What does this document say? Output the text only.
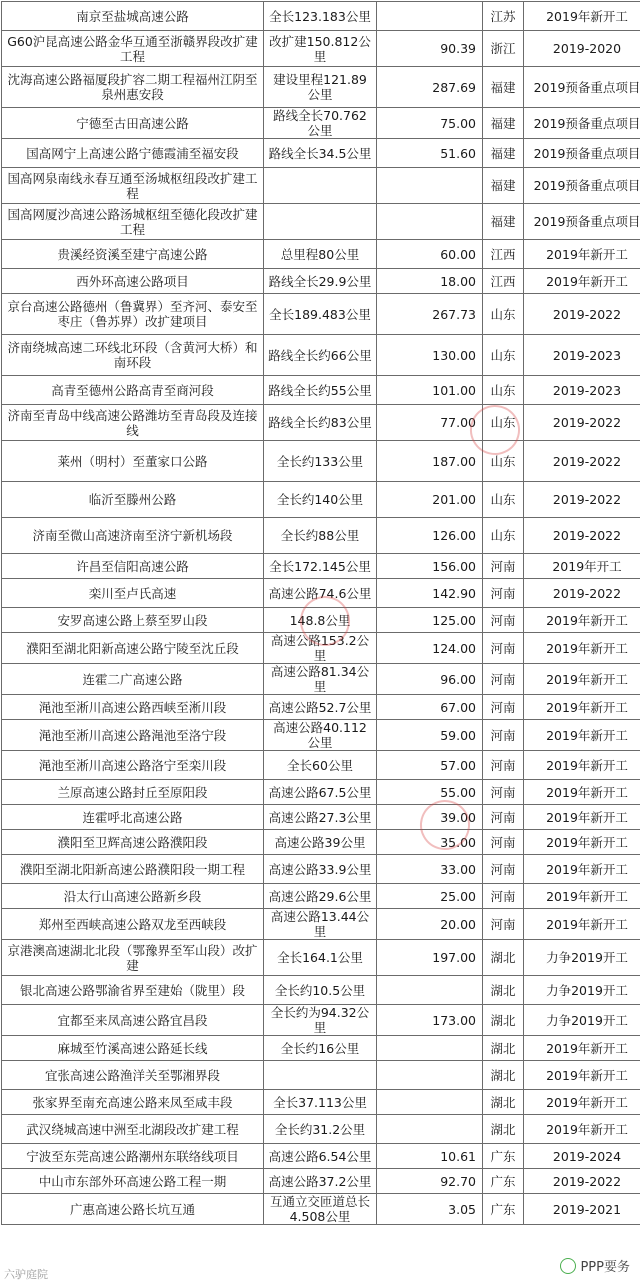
南京至盐城高速公路	全长123.183公里		江苏	2019年新开工
G60沪昆高速公路金华互通至浙赣界段改扩建工程	改扩建150.812公里	90.39	浙江	2019-2020
沈海高速公路福厦段扩容二期工程福州江阴至泉州惠安段	建设里程121.89公里	287.69	福建	2019预备重点项目
宁德至古田高速公路	路线全长70.762公里	75.00	福建	2019预备重点项目
国高网宁上高速公路宁德霞浦至福安段	路线全长34.5公里	51.60	福建	2019预备重点项目
国高网泉南线永春互通至汤城枢纽段改扩建工程			福建	2019预备重点项目
国高网厦沙高速公路汤城枢纽至德化段改扩建工程			福建	2019预备重点项目
贵溪经资溪至建宁高速公路	总里程80公里	60.00	江西	2019年新开工
西外环高速公路项目	路线全长29.9公里	18.00	江西	2019年新开工
京台高速公路德州（鲁冀界）至齐河、泰安至枣庄（鲁苏界）改扩建项目	全长189.483公里	267.73	山东	2019-2022
济南绕城高速二环线北环段（含黄河大桥）和南环段	路线全长约66公里	130.00	山东	2019-2023
高青至德州公路高青至商河段	路线全长约55公里	101.00	山东	2019-2023
济南至青岛中线高速公路潍坊至青岛段及连接线	路线全长约83公里	77.00	山东	2019-2022
莱州（明村）至董家口公路	全长约133公里	187.00	山东	2019-2022
临沂至滕州公路	全长约140公里	201.00	山东	2019-2022
济南至微山高速济南至济宁新机场段	全长约88公里	126.00	山东	2019-2022
许昌至信阳高速公路	全长172.145公里	156.00	河南	2019年开工
栾川至卢氏高速	高速公路74.6公里	142.90	河南	2019-2022
安罗高速公路上蔡至罗山段	148.8公里	125.00	河南	2019年新开工
濮阳至湖北阳新高速公路宁陵至沈丘段	高速公路153.2公里	124.00	河南	2019年新开工
连霍二广高速公路	高速公路81.34公里	96.00	河南	2019年新开工
渑池至淅川高速公路西峡至淅川段	高速公路52.7公里	67.00	河南	2019年新开工
渑池至淅川高速公路渑池至洛宁段	高速公路40.112公里	59.00	河南	2019年新开工
渑池至淅川高速公路洛宁至栾川段	全长60公里	57.00	河南	2019年新开工
兰原高速公路封丘至原阳段	高速公路67.5公里	55.00	河南	2019年新开工
连霍呼北高速公路	高速公路27.3公里	39.00	河南	2019年新开工
濮阳至卫辉高速公路濮阳段	高速公路39公里	35.00	河南	2019年新开工
濮阳至湖北阳新高速公路濮阳段一期工程	高速公路33.9公里	33.00	河南	2019年新开工
沿太行山高速公路新乡段	高速公路29.6公里	25.00	河南	2019年新开工
郑州至西峡高速公路双龙至西峡段	高速公路13.44公里	20.00	河南	2019年新开工
京港澳高速湖北北段（鄂豫界至军山段）改扩建	全长164.1公里	197.00	湖北	力争2019开工
银北高速公路鄂渝省界至建始（陇里）段	全长约10.5公里		湖北	力争2019开工
宜都至来凤高速公路宜昌段	全长约为94.32公里	173.00	湖北	力争2019开工
麻城至竹溪高速公路延长线	全长约16公里		湖北	2019年新开工
宜张高速公路渔洋关至鄂湘界段			湖北	2019年新开工
张家界至南充高速公路来凤至咸丰段	全长37.113公里		湖北	2019年新开工
武汉绕城高速中洲至北湖段改扩建工程	全长约31.2公里		湖北	2019年新开工
宁波至东莞高速公路潮州东联络线项目	高速公路6.54公里	10.61	广东	2019-2024
中山市东部外环高速公路工程一期	高速公路37.2公里	92.70	广东	2019-2022
广惠高速公路长坑互通	互通立交匝道总长4.508公里	3.05	广东	2019-2021
六驴庭院	PPP要务
